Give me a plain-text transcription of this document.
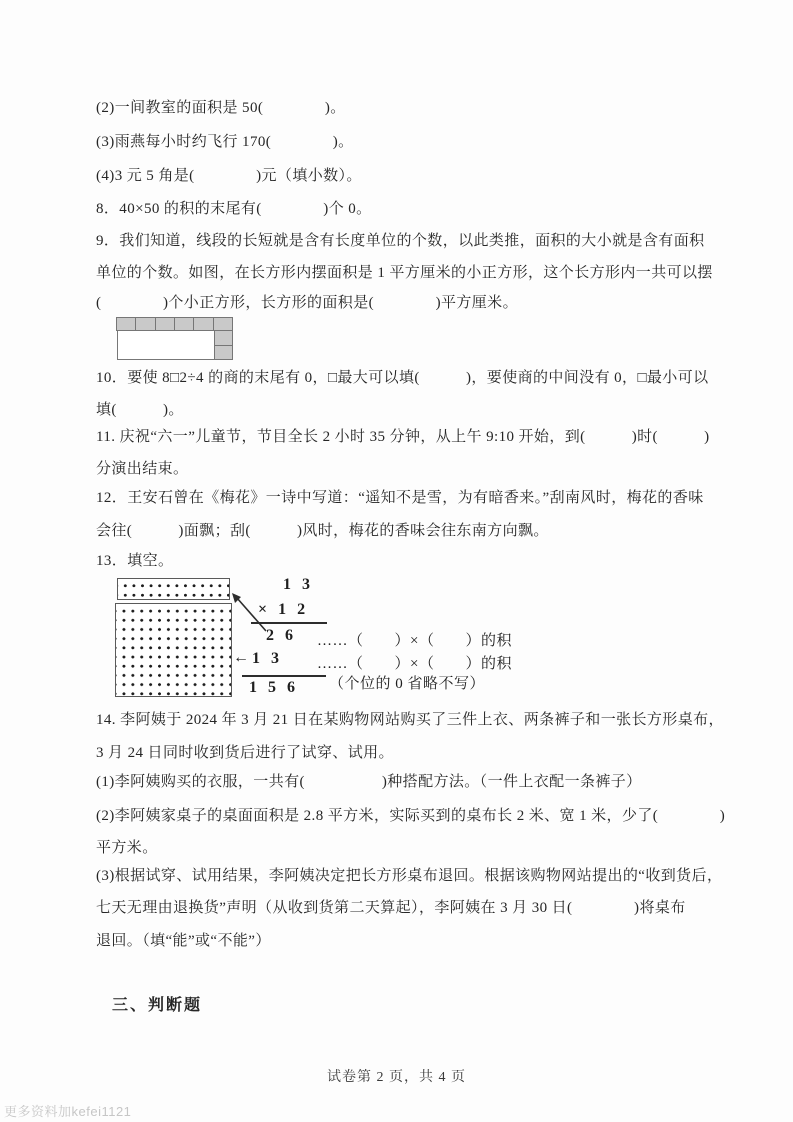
(2)一间教室的面积是 50(　　　　)。
(3)雨燕每小时约飞行 170(　　　　)。
(4)3 元 5 角是(　　　　)元（填小数）。
8．40×50 的积的末尾有(　　　　)个 0。
9．我们知道，线段的长短就是含有长度单位的个数，以此类推，面积的大小就是含有面积
单位的个数。如图，在长方形内摆面积是 1 平方厘米的小正方形，这个长方形内一共可以摆
(　　　　)个小正方形，长方形的面积是(　　　　)平方厘米。
10．要使 8□2÷4 的商的末尾有 0，□最大可以填(　　　)，要使商的中间没有 0，□最小可以
填(　　　)。
11. 庆祝“六一”儿童节，节目全长 2 小时 35 分钟，从上午 9:10 开始，到(　　　)时(　　　)
分演出结束。
12．王安石曾在《梅花》一诗中写道：“遥知不是雪，为有暗香来。”刮南风时，梅花的香味
会往(　　　)面飘；刮(　　　)风时，梅花的香味会往东南方向飘。
13．填空。
1 3
× 1 2
2 6 ……（　　）×（　　）的积
← 1 3 ……（　　）×（　　）的积
1 5 6 （个位的 0 省略不写）
14. 李阿姨于 2024 年 3 月 21 日在某购物网站购买了三件上衣、两条裤子和一张长方形桌布，
3 月 24 日同时收到货后进行了试穿、试用。
(1)李阿姨购买的衣服，一共有(　　　　　)种搭配方法。（一件上衣配一条裤子）
(2)李阿姨家桌子的桌面面积是 2.8 平方米，实际买到的桌布长 2 米、宽 1 米，少了(　　　　)
平方米。
(3)根据试穿、试用结果，李阿姨决定把长方形桌布退回。根据该购物网站提出的“收到货后，
七天无理由退换货”声明（从收到货第二天算起），李阿姨在 3 月 30 日(　　　　)将桌布
退回。（填“能”或“不能”）
三、判断题
试卷第 2 页，共 4 页
更多资料加kefei1121
